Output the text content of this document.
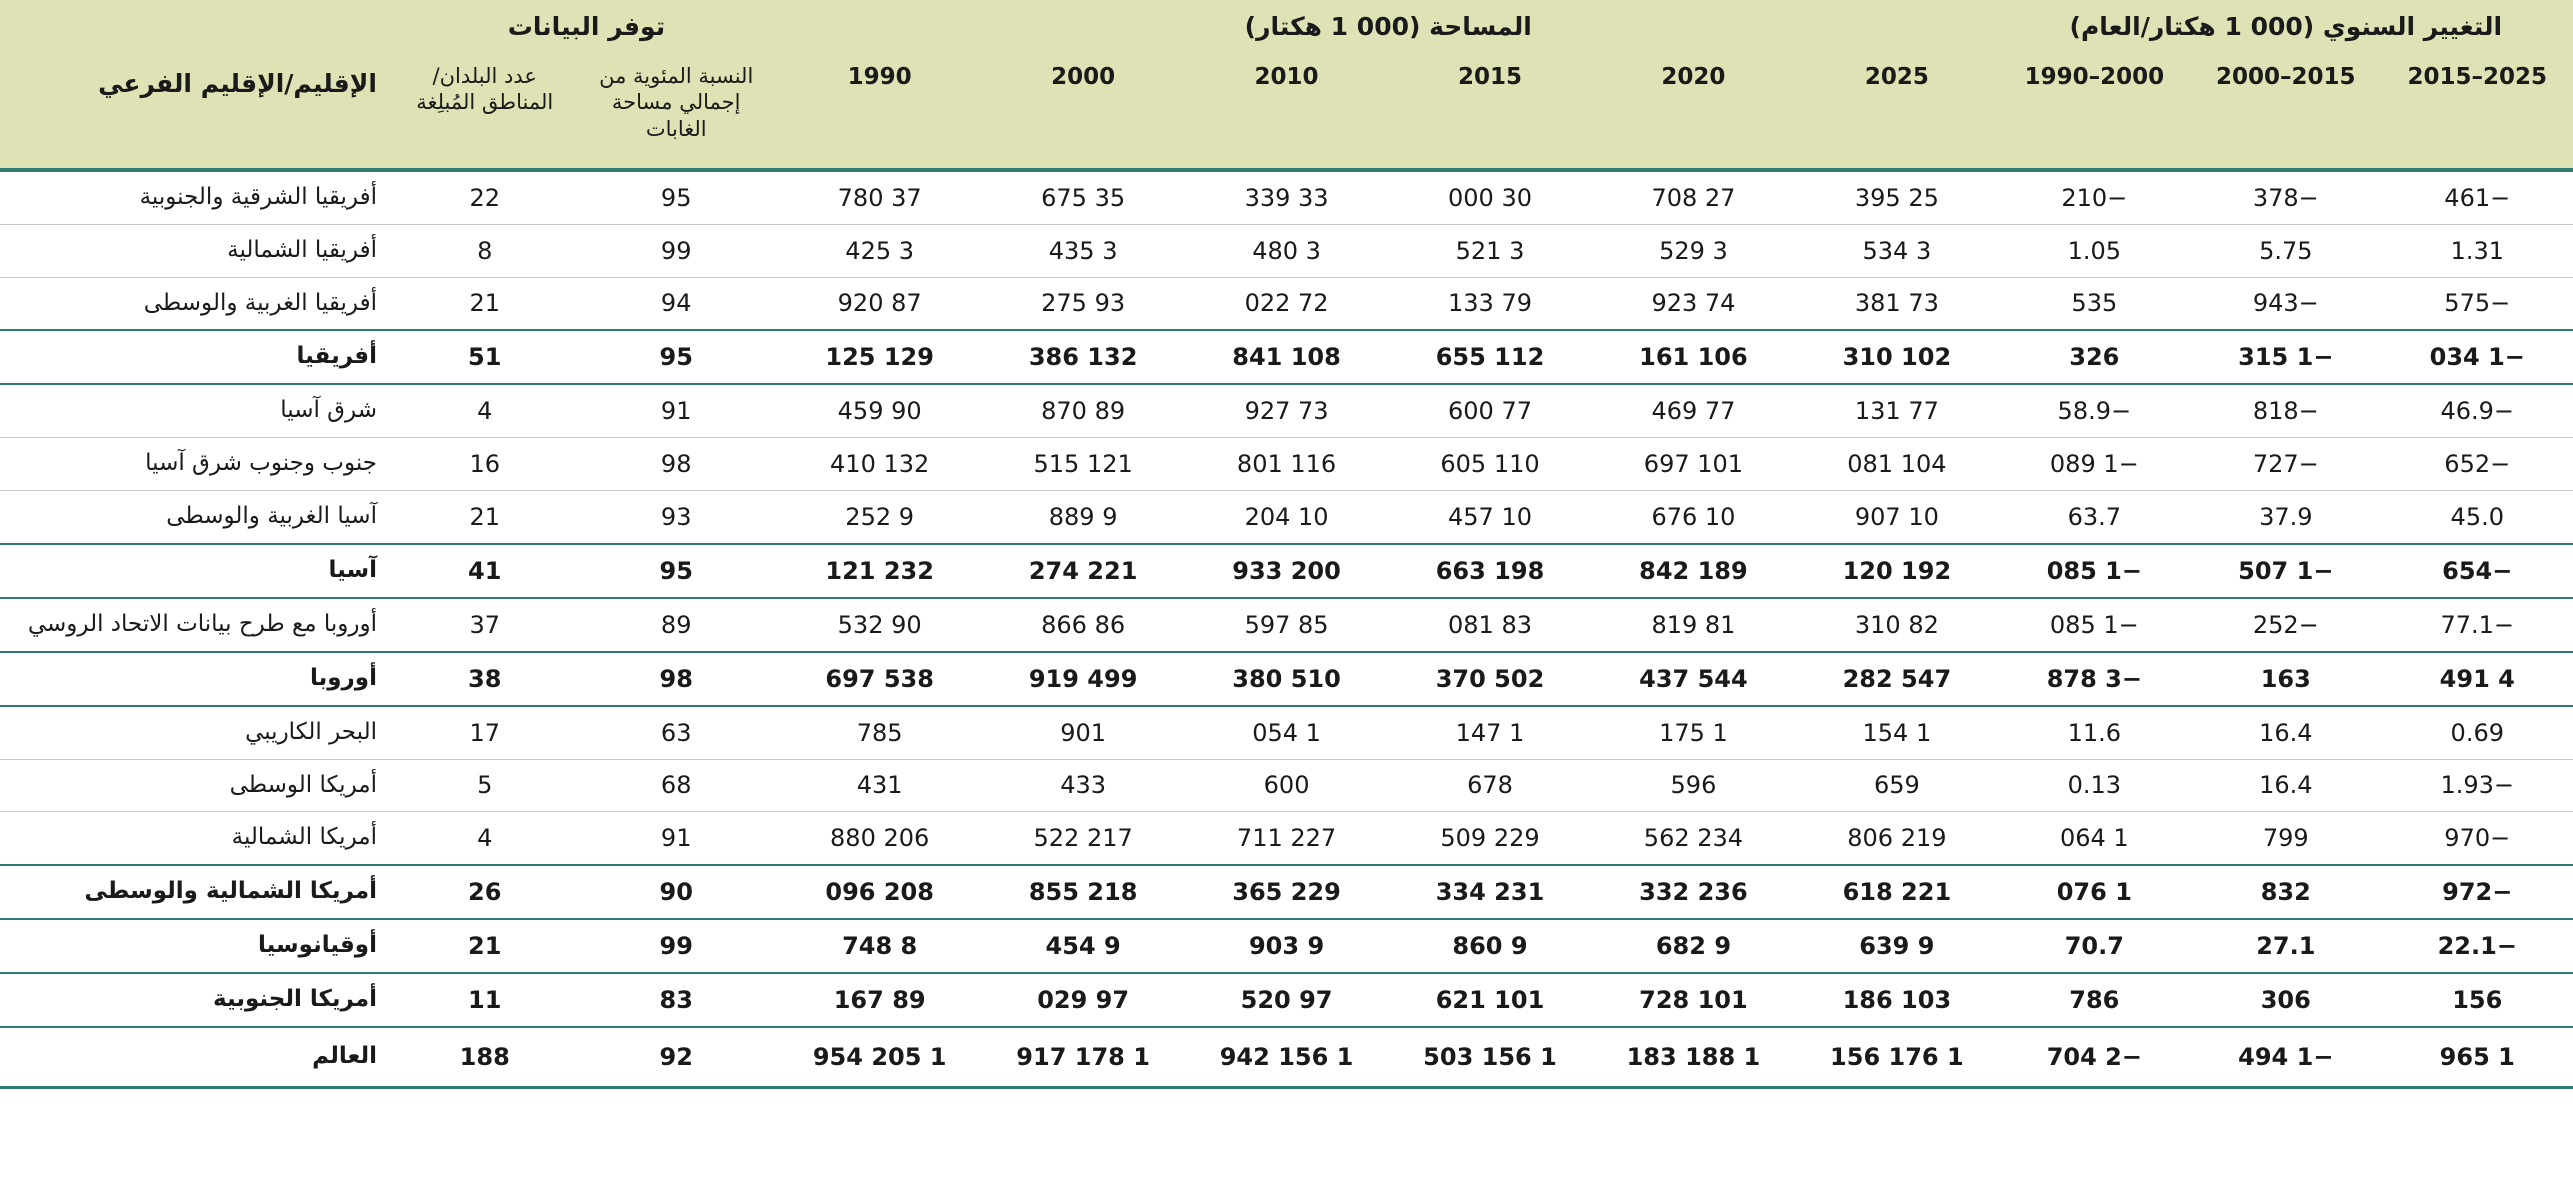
التغيير السنوي (000 1 هكتار/العام)			المساحة (000 1 هكتار)						توفر البيانات		الإقليم/الإقليم الفرعي
2025–2015	2015–2000	2000–1990	2025	2020	2015	2010	2000	1990	النسبة المئوية من إجمالي مساحة الغابات	عدد البلدان/المناطق المُبلِغة	

−461	−378	−210	25 395	27 708	30 000	33 339	35 675	37 780	95	22	أفريقيا الشرقية والجنوبية
1.31	5.75	1.05	3 534	3 529	3 521	3 480	3 435	3 425	99	8	أفريقيا الشمالية
−575	−943	535	73 381	74 923	79 133	72 022	93 275	87 920	94	21	أفريقيا الغربية والوسطى
−1 034	−1 315	326	102 310	106 161	112 655	108 841	132 386	129 125	95	51	أفريقيا
−46.9	−818	−58.9	77 131	77 469	77 600	73 927	89 870	90 459	91	4	شرق آسيا
−652	−727	−1 089	104 081	101 697	110 605	116 801	121 515	132 410	98	16	جنوب وجنوب شرق آسيا
45.0	37.9	63.7	10 907	10 676	10 457	10 204	9 889	9 252	93	21	آسيا الغربية والوسطى
−654	−1 507	−1 085	192 120	189 842	198 663	200 933	221 274	232 121	95	41	آسيا
−77.1	−252	−1 085	82 310	81 819	83 081	85 597	86 866	90 532	89	37	أوروبا مع طرح بيانات الاتحاد الروسي
4 491	163	−3 878	547 282	544 437	502 370	510 380	499 919	538 697	98	38	أوروبا
0.69	16.4	11.6	1 154	1 175	1 147	1 054	901	785	63	17	البحر الكاريبي
−1.93	16.4	0.13	659	596	678	600	433	431	68	5	أمريكا الوسطى
−970	799	1 064	219 806	234 562	229 509	227 711	217 522	206 880	91	4	أمريكا الشمالية
−972	832	1 076	221 618	236 332	231 334	229 365	218 855	208 096	90	26	أمريكا الشمالية والوسطى
−22.1	27.1	70.7	9 639	9 682	9 860	9 903	9 454	8 748	99	21	أوقيانوسيا
156	306	786	103 186	101 728	101 621	97 520	97 029	89 167	83	11	أمريكا الجنوبية
1 965	−1 494	−2 704	1 176 156	1 188 183	1 156 503	1 156 942	1 178 917	1 205 954	92	188	العالم
